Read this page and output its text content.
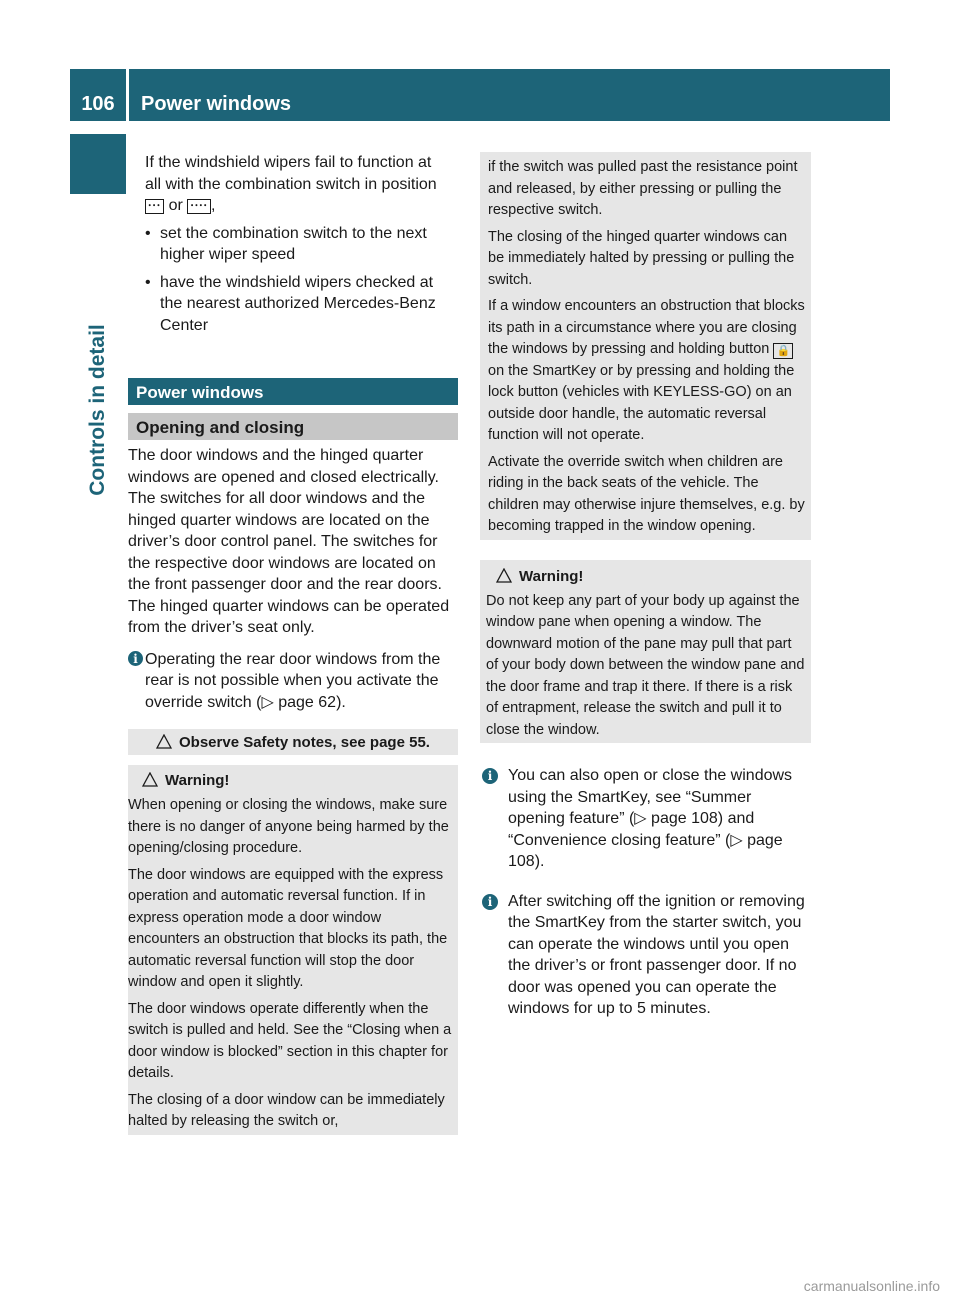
106	Power windows
Controls in detail

If the windshield wipers fail to function at
all with the combination switch in position
ꞏꞏꞏ or ꞏꞏꞏꞏ ,

• set the combination switch to the next higher wiper speed
• have the windshield wipers checked at the nearest authorized Mercedes-Benz Center
Power windows
Opening and closing

The door windows and the hinged quarter windows are opened and closed electrically. The switches for all door windows and the hinged quarter windows are located on the driver’s door control panel. The switches for the respective door windows are located on the front passenger door and the rear doors. The hinged quarter windows can be operated from the driver’s seat only.

i Operating the rear door windows from the rear is not possible when you activate the override switch (▷ page 62).
Observe Safety notes, see page 55.

Warning!

When opening or closing the windows, make sure there is no danger of anyone being harmed by the opening/closing procedure.

The door windows are equipped with the express operation and automatic reversal function. If in express operation mode a door window encounters an obstruction that blocks its path, the automatic reversal function will stop the door window and open it slightly.

The door windows operate differently when the switch is pulled and held. See the “Closing when a door window is blocked” section in this chapter for details.

The closing of a door window can be immediately halted by releasing the switch or,

if the switch was pulled past the resistance point and released, by either pressing or pulling the respective switch.

The closing of the hinged quarter windows can be immediately halted by pressing or pulling the switch.

If a window encounters an obstruction that blocks its path in a circumstance where you are closing the windows by pressing and holding button 🔒 on the SmartKey or by pressing and holding the lock button (vehicles with KEYLESS-GO) on an outside door handle, the automatic reversal function will not operate.

Activate the override switch when children are riding in the back seats of the vehicle. The children may otherwise injure themselves, e.g. by becoming trapped in the window opening.

Warning!

Do not keep any part of your body up against the window pane when opening a window. The downward motion of the pane may pull that part of your body down between the window pane and the door frame and trap it there. If there is a risk of entrapment, release the switch and pull it to close the window.

i You can also open or close the windows using the SmartKey, see “Summer opening feature” (▷ page 108) and “Convenience closing feature” (▷ page 108).
i After switching off the ignition or removing the SmartKey from the starter switch, you can operate the windows until you open the driver’s or front passenger door. If no door was opened you can operate the windows for up to 5 minutes.
carmanualsonline.info
